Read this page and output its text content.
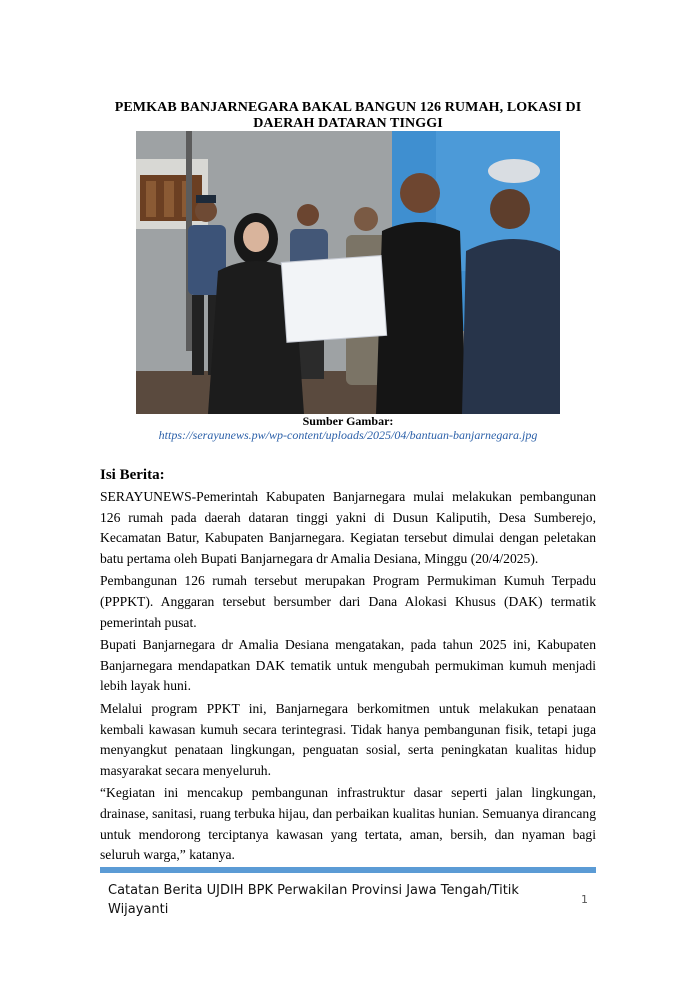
PEMKAB BANJARNEGARA BAKAL BANGUN 126 RUMAH, LOKASI DI DAERAH DATARAN TINGGI
Sumber Gambar:
https://serayunews.pw/wp-content/uploads/2025/04/bantuan-banjarnegara.jpg
Isi Berita:

SERAYUNEWS-Pemerintah Kabupaten Banjarnegara mulai melakukan pembangunan 126 rumah pada daerah dataran tinggi yakni di Dusun Kaliputih, Desa Sumberejo, Kecamatan Batur, Kabupaten Banjarnegara. Kegiatan tersebut dimulai dengan peletakan batu pertama oleh Bupati Banjarnegara dr Amalia Desiana, Minggu (20/4/2025).

Pembangunan 126 rumah tersebut merupakan Program Permukiman Kumuh Terpadu (PPPKT). Anggaran tersebut bersumber dari Dana Alokasi Khusus (DAK) termatik pemerintah pusat.

Bupati Banjarnegara dr Amalia Desiana mengatakan, pada tahun 2025 ini, Kabupaten Banjarnegara mendapatkan DAK tematik untuk mengubah permukiman kumuh menjadi lebih layak huni.

Melalui program PPKT ini, Banjarnegara berkomitmen untuk melakukan penataan kembali kawasan kumuh secara terintegrasi. Tidak hanya pembangunan fisik, tetapi juga menyangkut penataan lingkungan, penguatan sosial, serta peningkatan kualitas hidup masyarakat secara menyeluruh.

“Kegiatan ini mencakup pembangunan infrastruktur dasar seperti jalan lingkungan, drainase, sanitasi, ruang terbuka hijau, dan perbaikan kualitas hunian. Semuanya dirancang untuk mendorong terciptanya kawasan yang tertata, aman, bersih, dan nyaman bagi seluruh warga,” katanya.

Catatan Berita UJDIH BPK Perwakilan Provinsi Jawa Tengah/Titik Wijayanti
1
